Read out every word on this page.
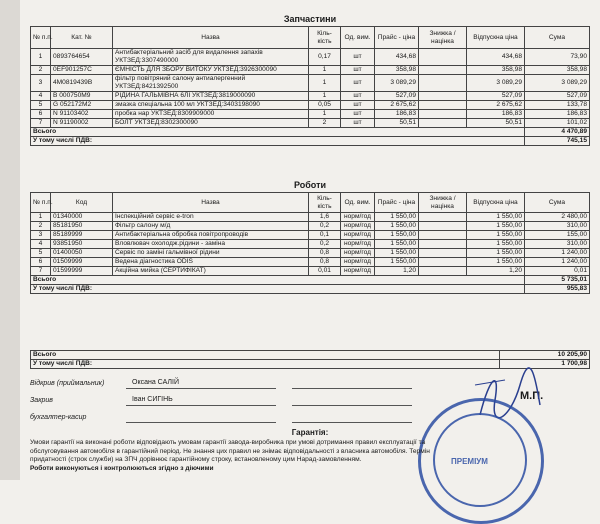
Запчастини

№ п.п.	Кат. №	Назва	Кіль-кість	Од. вим.	Прайс - ціна	Знижка / націнка	Відпускна ціна	Сума
1	0893764654	Антибактеріальний засіб для видалення запахів УКТЗЕД:3307490000	0,17	шт	434,68		434,68	73,90
2	0EF901257C	ЄМНІСТЬ ДЛЯ ЗБОРУ ВИТОКУ УКТЗЕД:3926300090	1	шт	358,98		358,98	358,98
3	4M0819439B	фільтр повітряний салону антиалергенний УКТЗЕД:8421392500	1	шт	3 089,29		3 089,29	3 089,29
4	B 000750M9	РІДИНА ГАЛЬМІВНА 6ЛI УКТЗЕД:3819000090	1	шт	527,09		527,09	527,09
5	G 052172M2	змазка спеціальна 100 мл УКТЗЕД:3403198090	0,05	шт	2 675,62		2 675,62	133,78
6	N 91103402	пробка нар УКТЗЕД:8309909000	1	шт	186,83		186,83	186,83
7	N 91190002	БОЛТ УКТЗЕД:8302300090	2	шт	50,51		50,51	101,02
Всього								4 470,89
У тому числі ПДВ:								745,15

Роботи

№ п.п.	Код	Назва	Кіль-кість	Од. вим.	Прайс - ціна	Знижка / націнка	Відпускна ціна	Сума
1	01340000	Інспекційний сервіс e-tron	1,6	норм/год	1 550,00		1 550,00	2 480,00
2	85181950	Фільтр салону м/д	0,2	норм/год	1 550,00		1 550,00	310,00
3	85189999	Антибактеріальна обробка повітропроводів	0,1	норм/год	1 550,00		1 550,00	155,00
4	93851950	Вловлювач охолодж.рідини - заміна	0,2	норм/год	1 550,00		1 550,00	310,00
5	01400050	Сервіс по заміні гальмівної рідини	0,8	норм/год	1 550,00		1 550,00	1 240,00
6	01509999	Ведена діагностика ODIS	0,8	норм/год	1 550,00		1 550,00	1 240,00
7	01599999	Акційна мийка (СЕРТИФІКАТ)	0,01	норм/год	1,20		1,20	0,01
Всього								5 735,01
У тому числі ПДВ:								955,83
Всього	10 205,90
У тому числі ПДВ:	1 700,98
Відкрив (приймальник)	Оксана САЛІЙ
Закрив	Іван СИГІНЬ
бухгалтер-касир
М.П.
ПРЕМІУМ
Гарантія:
Умови гарантії на виконані роботи відповідають умовам гарантії завода-виробника при умові дотримання правил експлуатації та
обслуговування автомобіля в гарантійний період. Не знання цих правил не знімає відповідальності з власника автомобіля. Термін
придатності (строк служби) на ЗПЧ дорівнює гарантійному строку, встановленому цим Нарад-замовленням.
Роботи виконуються і контролюються згідно з діючими
